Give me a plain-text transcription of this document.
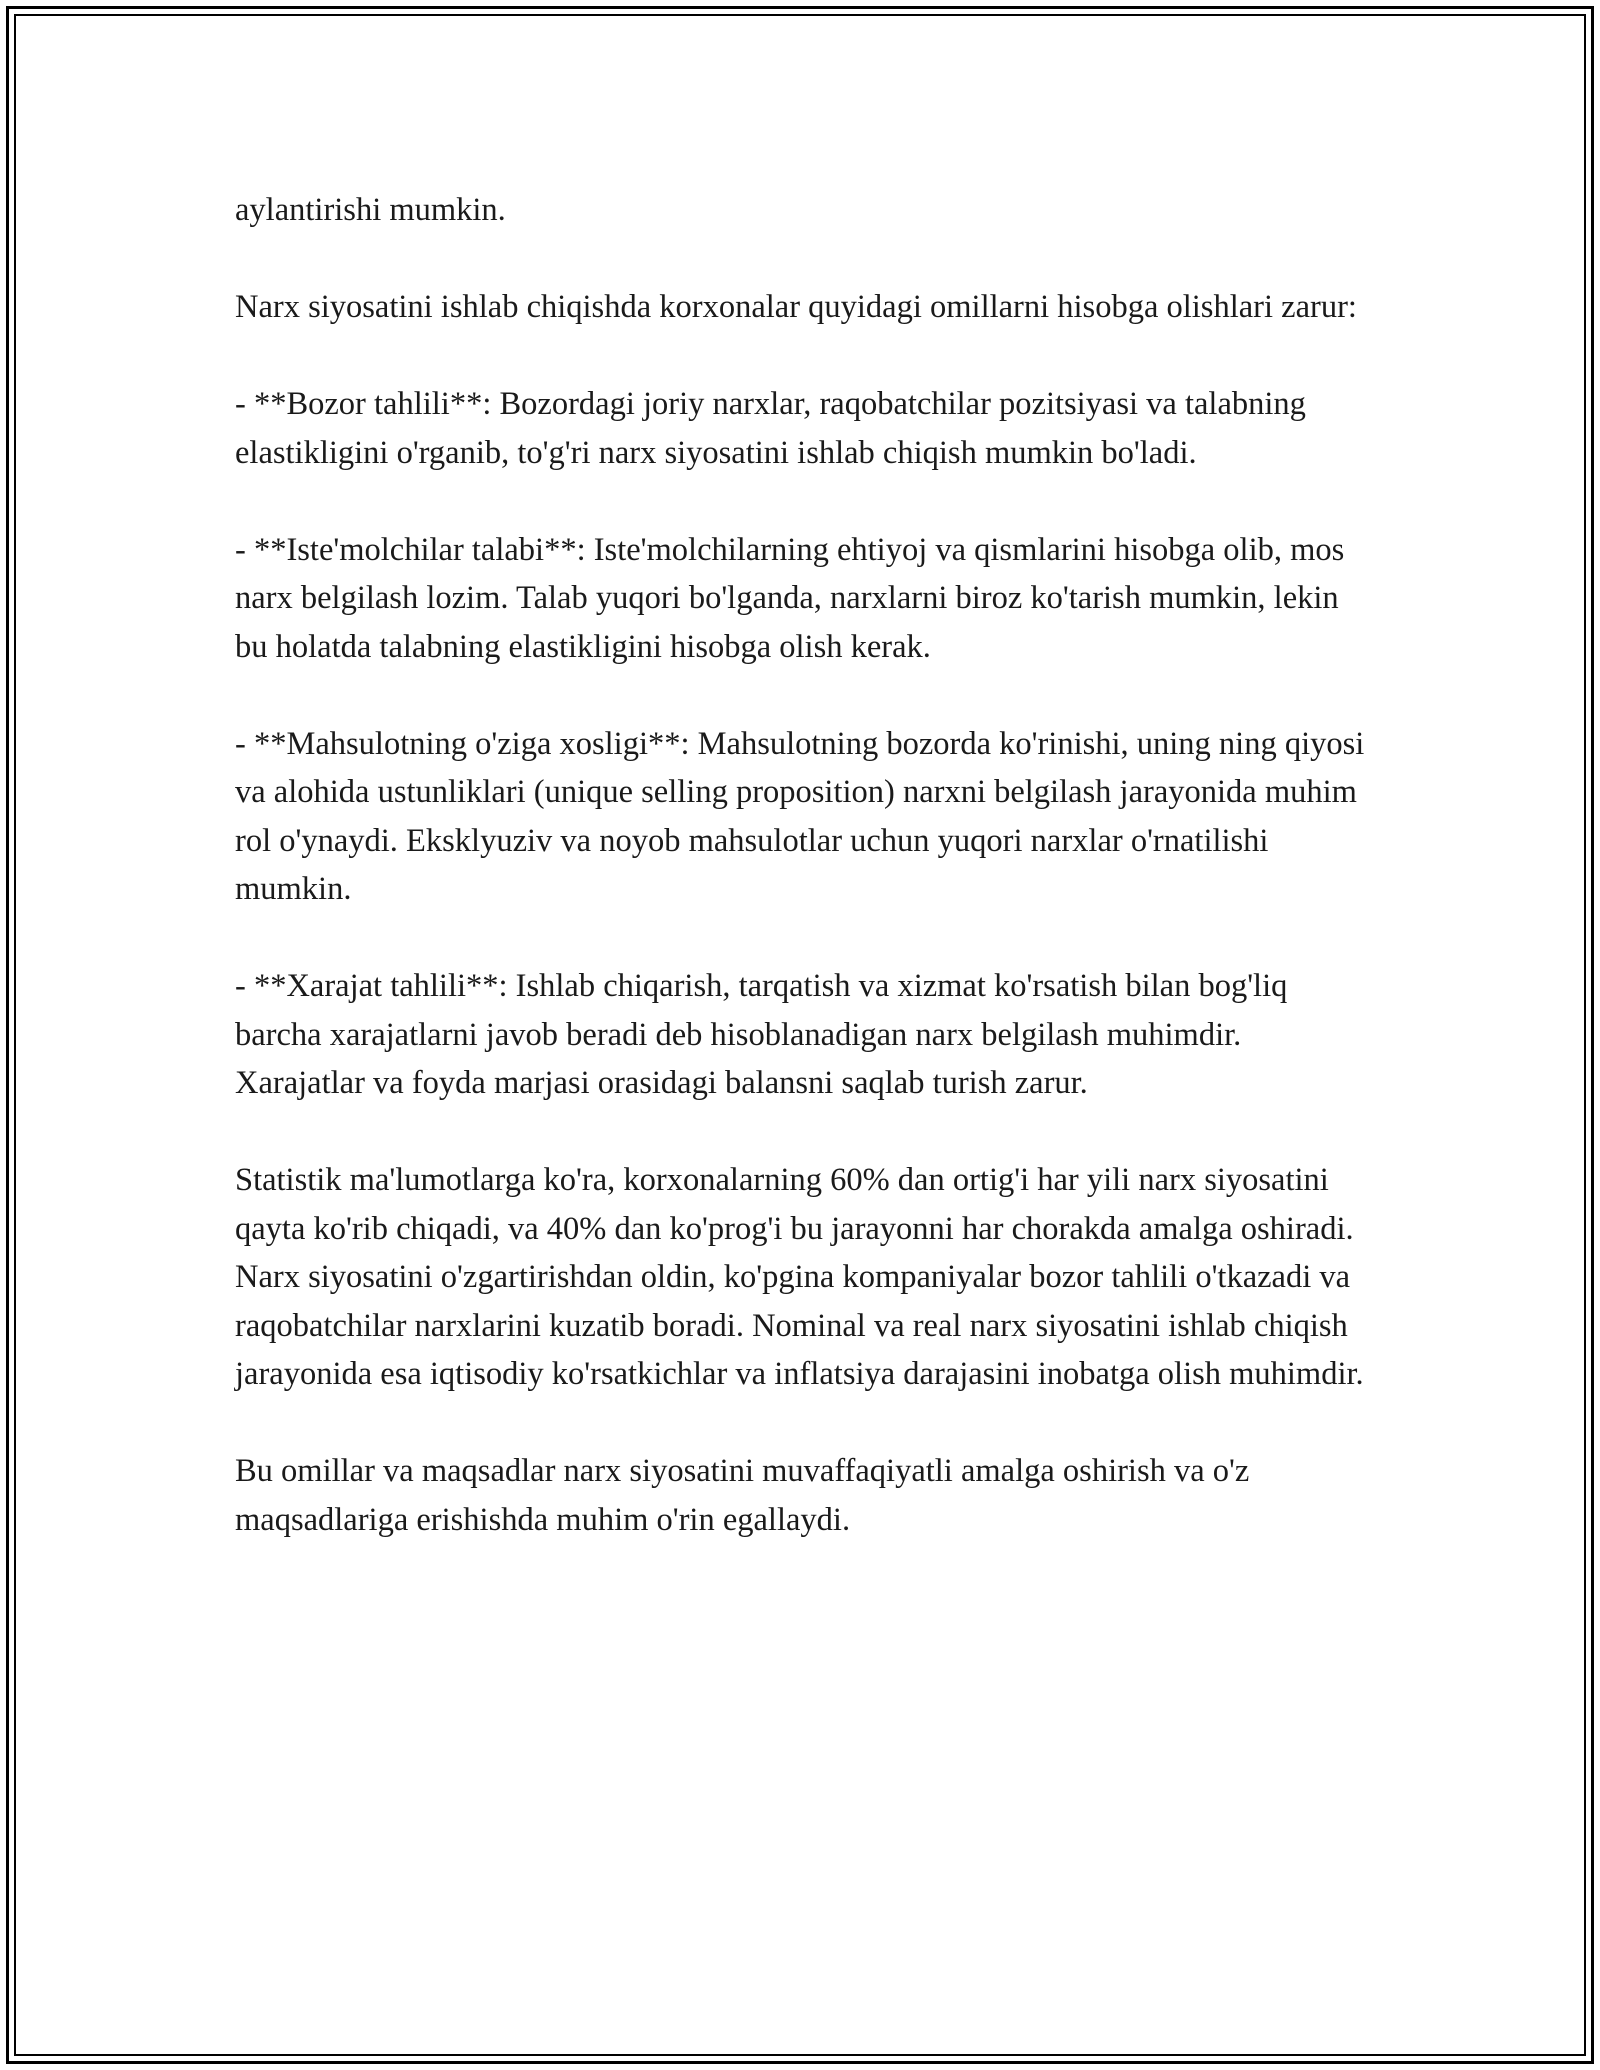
aylantirishi mumkin.

Narx siyosatini ishlab chiqishda korxonalar quyidagi omillarni hisobga olishlari zarur:

- **Bozor tahlili**: Bozordagi joriy narxlar, raqobatchilar pozitsiyasi va talabning elastikligini o'rganib, to'g'ri narx siyosatini ishlab chiqish mumkin bo'ladi.

- **Iste'molchilar talabi**: Iste'molchilarning ehtiyoj va qismlarini hisobga olib, mos narx belgilash lozim. Talab yuqori bo'lganda, narxlarni biroz ko'tarish mumkin, lekin bu holatda talabning elastikligini hisobga olish kerak.

- **Mahsulotning o'ziga xosligi**: Mahsulotning bozorda ko'rinishi, uning ning qiyosi va alohida ustunliklari (unique selling proposition) narxni belgilash jarayonida muhim rol o'ynaydi. Eksklyuziv va noyob mahsulotlar uchun yuqori narxlar o'rnatilishi mumkin.

- **Xarajat tahlili**: Ishlab chiqarish, tarqatish va xizmat ko'rsatish bilan bog'liq barcha xarajatlarni javob beradi deb hisoblanadigan narx belgilash muhimdir. Xarajatlar va foyda marjasi orasidagi balansni saqlab turish zarur.

Statistik ma'lumotlarga ko'ra, korxonalarning 60% dan ortig'i har yili narx siyosatini qayta ko'rib chiqadi, va 40% dan ko'prog'i bu jarayonni har chorakda amalga oshiradi. Narx siyosatini o'zgartirishdan oldin, ko'pgina kompaniyalar bozor tahlili o'tkazadi va raqobatchilar narxlarini kuzatib boradi. Nominal va real narx siyosatini ishlab chiqish jarayonida esa iqtisodiy ko'rsatkichlar va inflatsiya darajasini inobatga olish muhimdir.

Bu omillar va maqsadlar narx siyosatini muvaffaqiyatli amalga oshirish va o'z maqsadlariga erishishda muhim o'rin egallaydi.
